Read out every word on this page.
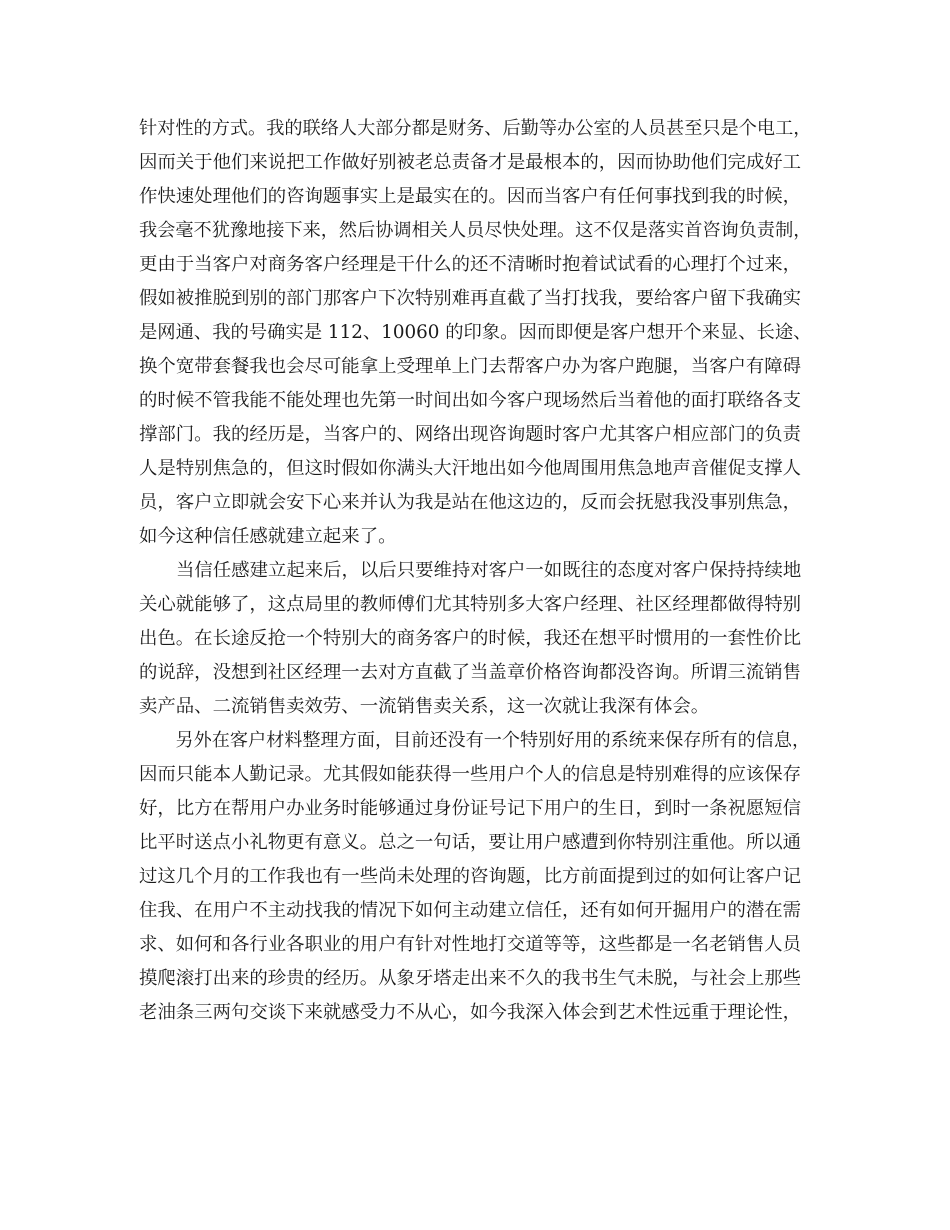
针对性的方式。我的联络人大部分都是财务、后勤等办公室的人员甚至只是个电工，
因而关于他们来说把工作做好别被老总责备才是最根本的，因而协助他们完成好工
作快速处理他们的咨询题事实上是最实在的。因而当客户有任何事找到我的时候，
我会毫不犹豫地接下来，然后协调相关人员尽快处理。这不仅是落实首咨询负责制，
更由于当客户对商务客户经理是干什么的还不清晰时抱着试试看的心理打个过来，
假如被推脱到别的部门那客户下次特别难再直截了当打找我，要给客户留下我确实
是网通、我的号确实是 112、10060 的印象。因而即便是客户想开个来显、长途、
换个宽带套餐我也会尽可能拿上受理单上门去帮客户办为客户跑腿，当客户有障碍
的时候不管我能不能处理也先第一时间出如今客户现场然后当着他的面打联络各支
撑部门。我的经历是，当客户的、网络出现咨询题时客户尤其客户相应部门的负责
人是特别焦急的，但这时假如你满头大汗地出如今他周围用焦急地声音催促支撑人
员，客户立即就会安下心来并认为我是站在他这边的，反而会抚慰我没事别焦急，
如今这种信任感就建立起来了。
当信任感建立起来后，以后只要维持对客户一如既往的态度对客户保持持续地
关心就能够了，这点局里的教师傅们尤其特别多大客户经理、社区经理都做得特别
出色。在长途反抢一个特别大的商务客户的时候，我还在想平时惯用的一套性价比
的说辞，没想到社区经理一去对方直截了当盖章价格咨询都没咨询。所谓三流销售
卖产品、二流销售卖效劳、一流销售卖关系，这一次就让我深有体会。
另外在客户材料整理方面，目前还没有一个特别好用的系统来保存所有的信息，
因而只能本人勤记录。尤其假如能获得一些用户个人的信息是特别难得的应该保存
好，比方在帮用户办业务时能够通过身份证号记下用户的生日，到时一条祝愿短信
比平时送点小礼物更有意义。总之一句话，要让用户感遭到你特别注重他。所以通
过这几个月的工作我也有一些尚未处理的咨询题，比方前面提到过的如何让客户记
住我、在用户不主动找我的情况下如何主动建立信任，还有如何开掘用户的潜在需
求、如何和各行业各职业的用户有针对性地打交道等等，这些都是一名老销售人员
摸爬滚打出来的珍贵的经历。从象牙塔走出来不久的我书生气未脱，与社会上那些
老油条三两句交谈下来就感受力不从心，如今我深入体会到艺术性远重于理论性，
